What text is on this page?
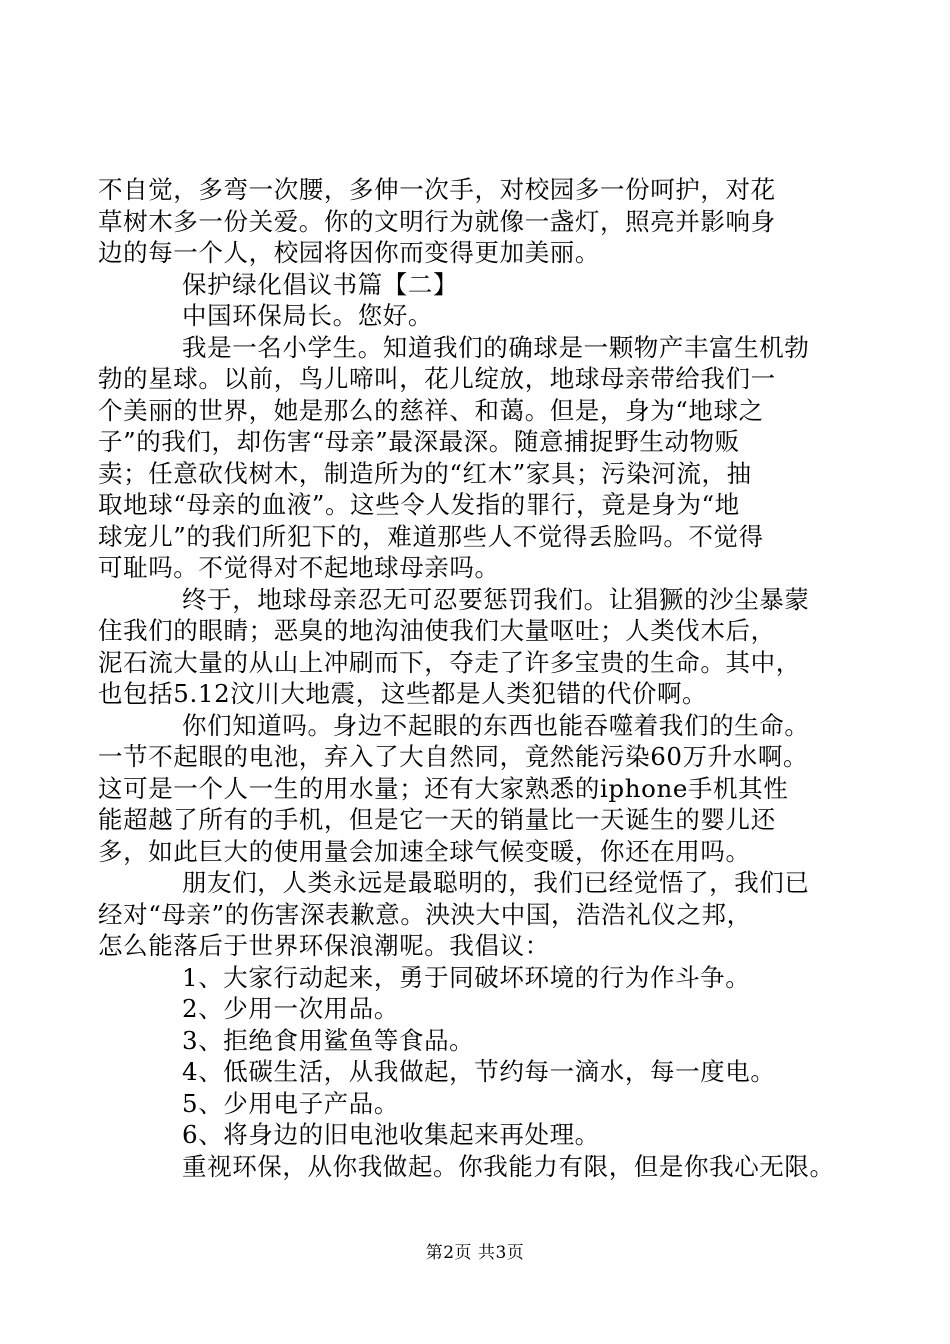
不自觉，多弯一次腰，多伸一次手，对校园多一份呵护，对花
草树木多一份关爱。你的文明行为就像一盏灯，照亮并影响身
边的每一个人，校园将因你而变得更加美丽。
保护绿化倡议书篇【二】
中国环保局长。您好。
我是一名小学生。知道我们的确球是一颗物产丰富生机勃
勃的星球。以前，鸟儿啼叫，花儿绽放，地球母亲带给我们一
个美丽的世界，她是那么的慈祥、和蔼。但是，身为“地球之
子”的我们，却伤害“母亲”最深最深。随意捕捉野生动物贩
卖；任意砍伐树木，制造所为的“红木”家具；污染河流，抽
取地球“母亲的血液”。这些令人发指的罪行，竟是身为“地
球宠儿”的我们所犯下的，难道那些人不觉得丢脸吗。不觉得
可耻吗。不觉得对不起地球母亲吗。
终于，地球母亲忍无可忍要惩罚我们。让猖獗的沙尘暴蒙
住我们的眼睛；恶臭的地沟油使我们大量呕吐；人类伐木后，
泥石流大量的从山上冲刷而下，夺走了许多宝贵的生命。其中，
也包括5.12汶川大地震，这些都是人类犯错的代价啊。
你们知道吗。身边不起眼的东西也能吞噬着我们的生命。
一节不起眼的电池，弃入了大自然同，竟然能污染60万升水啊。
这可是一个人一生的用水量；还有大家熟悉的iphone手机其性
能超越了所有的手机，但是它一天的销量比一天诞生的婴儿还
多，如此巨大的使用量会加速全球气候变暖，你还在用吗。
朋友们，人类永远是最聪明的，我们已经觉悟了，我们已
经对“母亲”的伤害深表歉意。泱泱大中国，浩浩礼仪之邦，
怎么能落后于世界环保浪潮呢。我倡议：
1、大家行动起来，勇于同破坏环境的行为作斗争。
2、少用一次用品。
3、拒绝食用鲨鱼等食品。
4、低碳生活，从我做起，节约每一滴水，每一度电。
5、少用电子产品。
6、将身边的旧电池收集起来再处理。
重视环保，从你我做起。你我能力有限，但是你我心无限。
第2页 共3页
